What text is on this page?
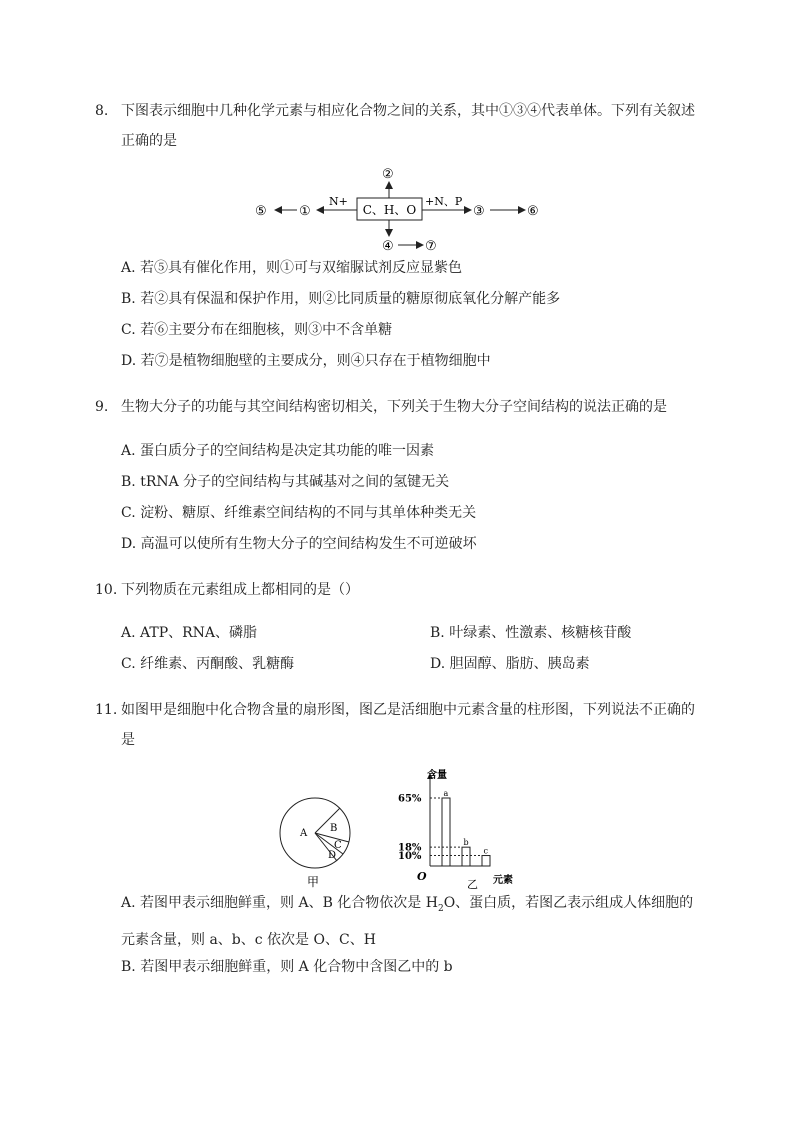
8. 下图表示细胞中几种化学元素与相应化合物之间的关系，其中①③④代表单体。下列有关叙述正确的是
C、H、O
②
N+
①
⑤
+N、P
③	⑥
④ ⑦
A. 若⑤具有催化作用，则①可与双缩脲试剂反应显紫色
B. 若②具有保温和保护作用，则②比同质量的糖原彻底氧化分解产能多
C. 若⑥主要分布在细胞核，则③中不含单糖
D. 若⑦是植物细胞壁的主要成分，则④只存在于植物细胞中
9. 生物大分子的功能与其空间结构密切相关，下列关于生物大分子空间结构的说法正确的是
A. 蛋白质分子的空间结构是决定其功能的唯一因素
B. tRNA 分子的空间结构与其碱基对之间的氢键无关
C. 淀粉、糖原、纤维素空间结构的不同与其单体种类无关
D. 高温可以使所有生物大分子的空间结构发生不可逆破坏
10. 下列物质在元素组成上都相同的是（）
A. ATP、RNA、磷脂	B. 叶绿素、性激素、核糖核苷酸
C. 纤维素、丙酮酸、乳糖酶	D. 胆固醇、脂肪、胰岛素
11. 如图甲是细胞中化合物含量的扇形图，图乙是活细胞中元素含量的柱形图，下列说法不正确的是
A B
C
D
甲
含量
元素
O
乙
a
65%
b
18%	c
10%
A. 若图甲表示细胞鲜重，则 A、B 化合物依次是 $H_2O$、蛋白质，若图乙表示组成人体细胞的元素含量，则 a、b、c 依次是 O、C、H
B. 若图甲表示细胞鲜重，则 A 化合物中含图乙中的 b
